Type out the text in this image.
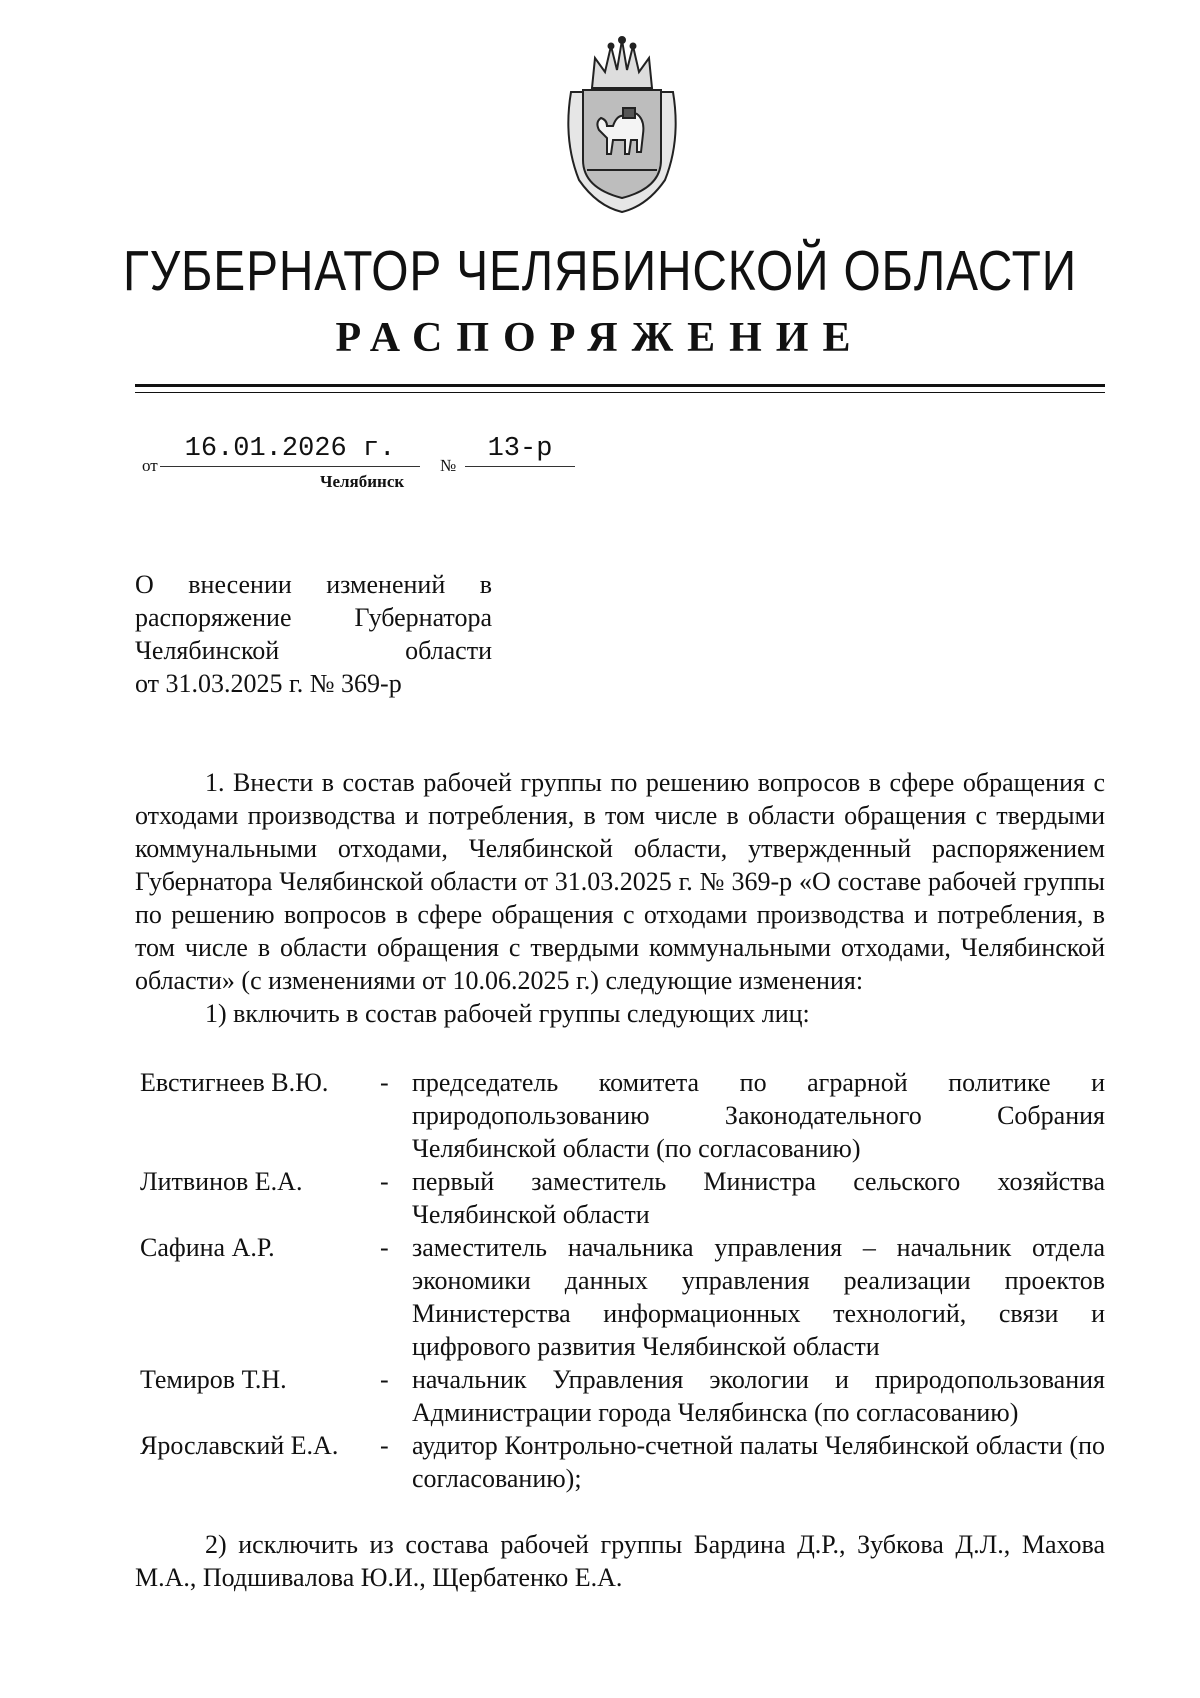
ГУБЕРНАТОР ЧЕЛЯБИНСКОЙ ОБЛАСТИ
РАСПОРЯЖЕНИЕ
от
16.01.2026 г.
№
13-р
Челябинск
О внесении изменений в
распоряжение Губернатора
Челябинской области
от 31.03.2025 г. № 369-р

1. Внести в состав рабочей группы по решению вопросов в сфере обращения с отходами производства и потребления, в том числе в области обращения с твердыми коммунальными отходами, Челябинской области, утвержденный распоряжением Губернатора Челябинской области от 31.03.2025 г. № 369-р «О составе рабочей группы по решению вопросов в сфере обращения с отходами производства и потребления, в том числе в области обращения с твердыми коммунальными отходами, Челябинской области» (с изменениями от 10.06.2025 г.) следующие изменения:

1) включить в состав рабочей группы следующих лиц:

Евстигнеев В.Ю. - председатель комитета по аграрной политике и природопользованию Законодательного Собрания Челябинской области (по согласованию)
Литвинов Е.А.	- первый заместитель Министра сельского хозяйства Челябинской области
Сафина А.Р.	- заместитель начальника управления – начальник отдела экономики данных управления реализации проектов Министерства информационных технологий, связи и цифрового развития Челябинской области
Темиров Т.Н.	- начальник Управления экологии и природопользования Администрации города Челябинска (по согласованию)
Ярославский Е.А. - аудитор Контрольно-счетной палаты Челябинской области (по согласованию);

2) исключить из состава рабочей группы Бардина Д.Р., Зубкова Д.Л., Махова М.А., Подшивалова Ю.И., Щербатенко Е.А.
